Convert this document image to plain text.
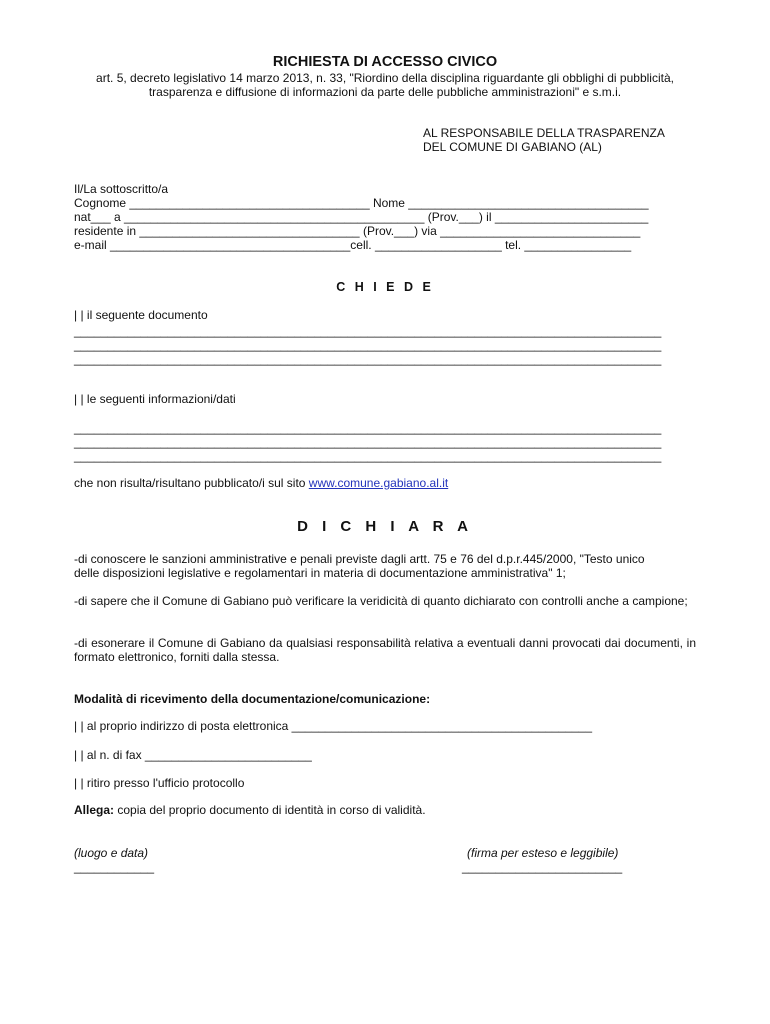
RICHIESTA DI ACCESSO CIVICO
art. 5, decreto legislativo 14 marzo 2013, n. 33, "Riordino della disciplina riguardante gli obblighi di pubblicità,
trasparenza e diffusione di informazioni da parte delle pubbliche amministrazioni" e s.m.i.
AL RESPONSABILE DELLA TRASPARENZA
DEL COMUNE DI GABIANO (AL)
Il/La sottoscritto/a
Cognome ____________________________________ Nome ____________________________________
nat___ a _____________________________________________ (Prov.___) il _______________________
residente in _________________________________ (Prov.___) via ______________________________
e-mail ____________________________________cell. ___________________ tel. ________________
C H I E D E
| | il seguente documento
________________________________________________________________________________________
________________________________________________________________________________________
________________________________________________________________________________________
| | le seguenti informazioni/dati
________________________________________________________________________________________
________________________________________________________________________________________
________________________________________________________________________________________
che non risulta/risultano pubblicato/i sul sito www.comune.gabiano.al.it
D I C H I A R A
-di conoscere le sanzioni amministrative e penali previste dagli artt. 75 e 76 del d.p.r.445/2000, "Testo unico
delle disposizioni legislative e regolamentari in materia di documentazione amministrativa" 1;
-di sapere che il Comune di Gabiano può verificare la veridicità di quanto dichiarato con controlli anche a campione;
-di esonerare il Comune di Gabiano da qualsiasi responsabilità relativa a eventuali danni provocati dai documenti, in formato elettronico, forniti dalla stessa.
Modalità di ricevimento della documentazione/comunicazione:
| | al proprio indirizzo di posta elettronica _____________________________________________
| | al n. di fax _________________________
| | ritiro presso l'ufficio protocollo
Allega: copia del proprio documento di identità in corso di validità.
(luogo e data)
____________
(firma per esteso e leggibile)
________________________
